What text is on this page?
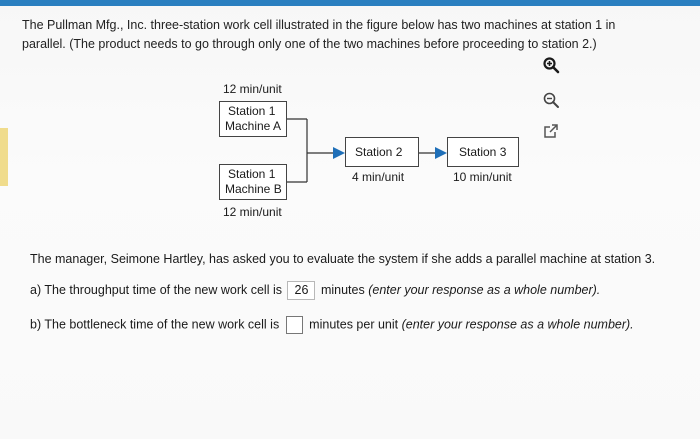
The Pullman Mfg., Inc. three-station work cell illustrated in the figure below has two machines at station 1 in
parallel. (The product needs to go through only one of the two machines before proceeding to station 2.)
12 min/unit
Station 1
Machine A
Station 1
Machine B
12 min/unit
Station 2
4 min/unit
Station 3
10 min/unit
The manager, Seimone Hartley, has asked you to evaluate the system if she adds a parallel machine at station 3.
a) The throughput time of the new work cell is 26 minutes (enter your response as a whole number).
b) The bottleneck time of the new work cell is minutes per unit (enter your response as a whole number).
